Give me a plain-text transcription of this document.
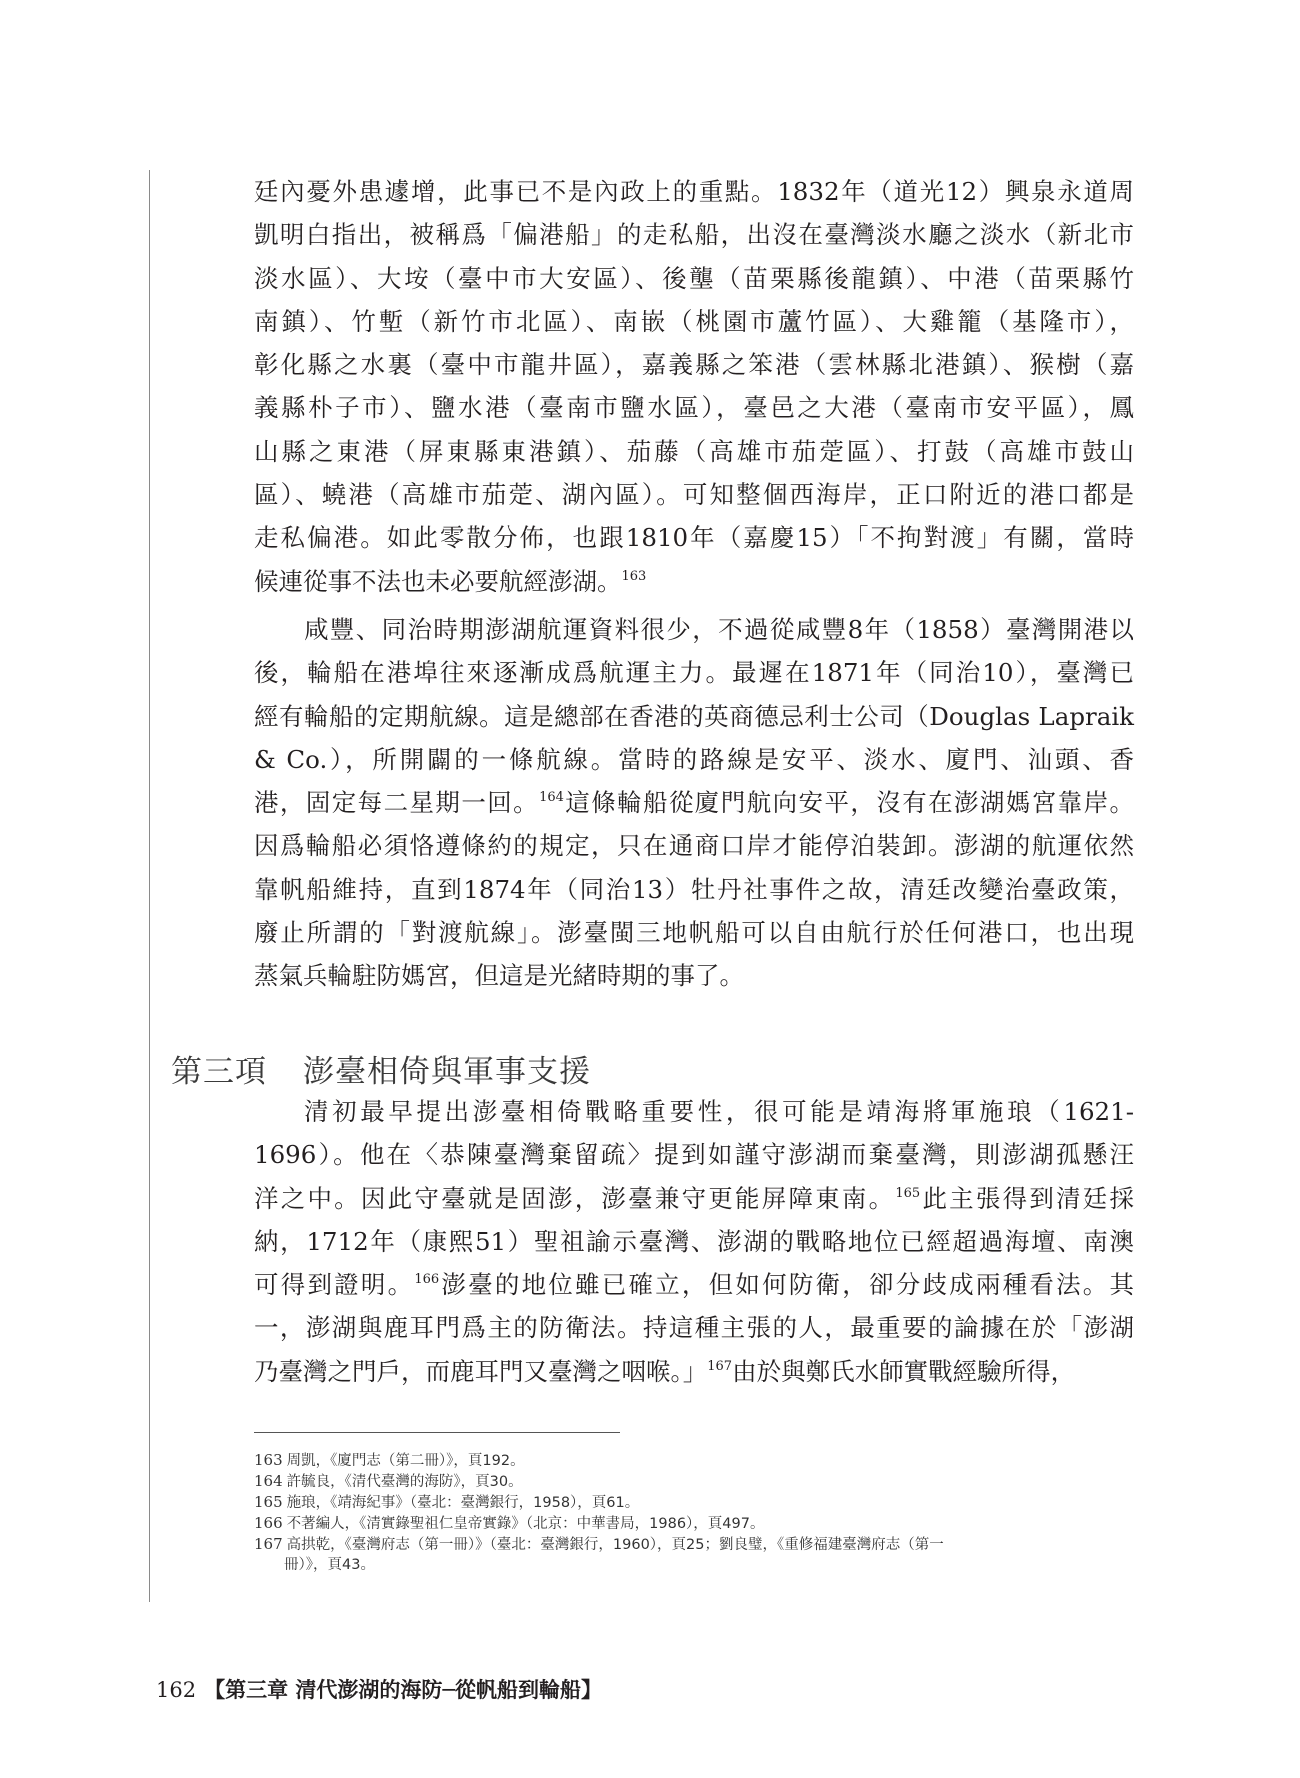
廷內憂外患遽增，此事已不是內政上的重點。1832年（道光12）興泉永道周
凱明白指出，被稱爲「偏港船」的走私船，出沒在臺灣淡水廳之淡水（新北市
淡水區）、大垵（臺中市大安區）、後壟（苗栗縣後龍鎮）、中港（苗栗縣竹
南鎮）、竹塹（新竹市北區）、南嵌（桃園市蘆竹區）、大雞籠（基隆市），
彰化縣之水裏（臺中市龍井區），嘉義縣之笨港（雲林縣北港鎮）、猴樹（嘉
義縣朴子市）、鹽水港（臺南市鹽水區），臺邑之大港（臺南市安平區），鳳
山縣之東港（屏東縣東港鎮）、茄藤（高雄市茄萣區）、打鼓（高雄市鼓山
區）、蟯港（高雄市茄萣、湖內區）。可知整個西海岸，正口附近的港口都是
走私偏港。如此零散分佈，也跟1810年（嘉慶15）「不拘對渡」有關，當時
候連從事不法也未必要航經澎湖。$^{163}$
咸豐、同治時期澎湖航運資料很少，不過從咸豐8年（1858）臺灣開港以
後，輪船在港埠往來逐漸成爲航運主力。最遲在1871年（同治10），臺灣已
經有輪船的定期航線。這是總部在香港的英商德忌利士公司（Douglas Lapraik
& Co.），所開闢的一條航線。當時的路線是安平、淡水、廈門、汕頭、香
港，固定每二星期一回。$^{164}$這條輪船從廈門航向安平，沒有在澎湖媽宮靠岸。
因爲輪船必須恪遵條約的規定，只在通商口岸才能停泊裝卸。澎湖的航運依然
靠帆船維持，直到1874年（同治13）牡丹社事件之故，清廷改變治臺政策，
廢止所謂的「對渡航線」。澎臺閩三地帆船可以自由航行於任何港口，也出現
蒸氣兵輪駐防媽宮，但這是光緒時期的事了。
第三項 澎臺相倚與軍事支援
清初最早提出澎臺相倚戰略重要性，很可能是靖海將軍施琅（1621-
1696）。他在〈恭陳臺灣棄留疏〉提到如謹守澎湖而棄臺灣，則澎湖孤懸汪
洋之中。因此守臺就是固澎，澎臺兼守更能屏障東南。$^{165}$此主張得到清廷採
納，1712年（康熙51）聖祖諭示臺灣、澎湖的戰略地位已經超過海壇、南澳
可得到證明。$^{166}$澎臺的地位雖已確立，但如何防衛，卻分歧成兩種看法。其
一，澎湖與鹿耳門爲主的防衛法。持這種主張的人，最重要的論據在於「澎湖
乃臺灣之門戶，而鹿耳門又臺灣之咽喉。」$^{167}$由於與鄭氏水師實戰經驗所得，
163 周凱，《廈門志（第二冊）》，頁192。
164 許毓良，《清代臺灣的海防》，頁30。
165 施琅，《靖海紀事》（臺北：臺灣銀行，1958），頁61。
166 不著編人，《清實錄聖祖仁皇帝實錄》（北京：中華書局，1986），頁497。
167 高拱乾，《臺灣府志（第一冊）》（臺北：臺灣銀行，1960），頁25；劉良璧，《重修福建臺灣府志（第一
冊）》，頁43。
162 【第三章 清代澎湖的海防─從帆船到輪船】
